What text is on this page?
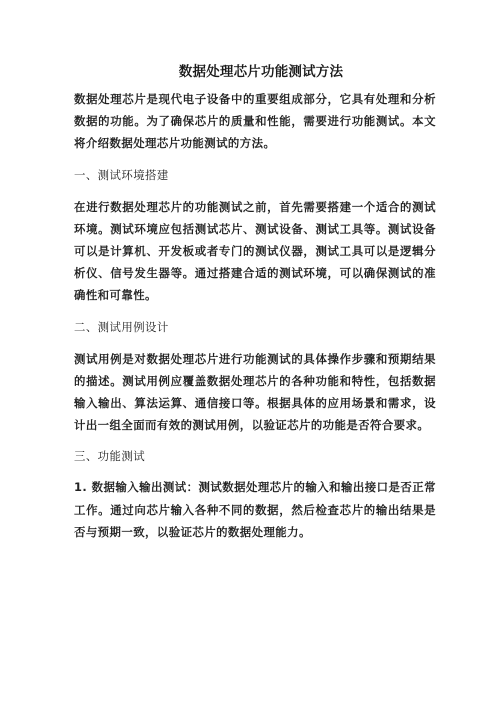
数据处理芯片功能测试方法

数据处理芯片是现代电子设备中的重要组成部分，它具有处理和分析数据的功能。为了确保芯片的质量和性能，需要进行功能测试。本文将介绍数据处理芯片功能测试的方法。

一、测试环境搭建

在进行数据处理芯片的功能测试之前，首先需要搭建一个适合的测试环境。测试环境应包括测试芯片、测试设备、测试工具等。测试设备可以是计算机、开发板或者专门的测试仪器，测试工具可以是逻辑分析仪、信号发生器等。通过搭建合适的测试环境，可以确保测试的准确性和可靠性。

二、测试用例设计

测试用例是对数据处理芯片进行功能测试的具体操作步骤和预期结果的描述。测试用例应覆盖数据处理芯片的各种功能和特性，包括数据输入输出、算法运算、通信接口等。根据具体的应用场景和需求，设计出一组全面而有效的测试用例，以验证芯片的功能是否符合要求。

三、功能测试

1. 数据输入输出测试：测试数据处理芯片的输入和输出接口是否正常工作。通过向芯片输入各种不同的数据，然后检查芯片的输出结果是否与预期一致，以验证芯片的数据处理能力。
